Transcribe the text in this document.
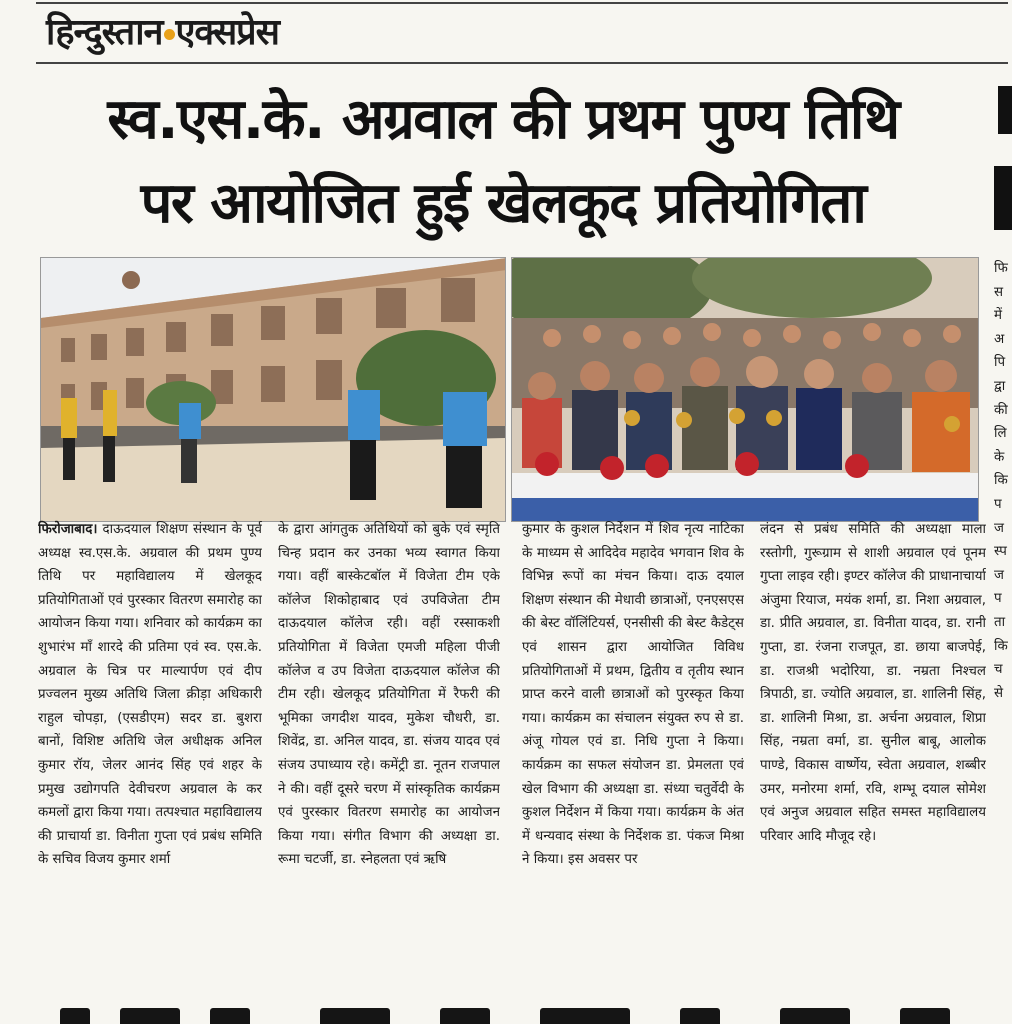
हिन्दुस्तान एक्सप्रेस
स्व.एस.के. अग्रवाल की प्रथम पुण्य तिथि
पर आयोजित हुई खेलकूद प्रतियोगिता

फिरोजाबाद। दाऊदयाल शिक्षण संस्थान के पूर्व अध्यक्ष स्व.एस.के. अग्रवाल की प्रथम पुण्य तिथि पर महाविद्यालय में खेलकूद प्रतियोगिताओं एवं पुरस्कार वितरण समारोह का आयोजन किया गया। शनिवार को कार्यक्रम का शुभारंभ माँ शारदे की प्रतिमा एवं स्व. एस.के. अग्रवाल के चित्र पर माल्यार्पण एवं दीप प्रज्वलन मुख्य अतिथि जिला क्रीड़ा अधिकारी राहुल चोपड़ा, (एसडीएम) सदर डा. बुशरा बानों, विशिष्ट अतिथि जेल अधीक्षक अनिल कुमार रॉय, जेलर आनंद सिंह एवं शहर के प्रमुख उद्योगपति देवीचरण अग्रवाल के कर कमलों द्वारा किया गया। तत्पश्चात महाविद्यालय की प्राचार्या डा. विनीता गुप्ता एवं प्रबंध समिति के सचिव विजय कुमार शर्मा

के द्वारा आंगतुक अतिथियों को बुके एवं स्मृति चिन्ह प्रदान कर उनका भव्य स्वागत किया गया। वहीं बास्केटबॉल में विजेता टीम एके कॉलेज शिकोहाबाद एवं उपविजेता टीम दाऊदयाल कॉलेज रही। वहीं रस्साकशी प्रतियोगिता में विजेता एमजी महिला पीजी कॉलेज व उप विजेता दाऊदयाल कॉलेज की टीम रही। खेलकूद प्रतियोगिता में रैफरी की भूमिका जगदीश यादव, मुकेश चौधरी, डा. शिवेंद्र, डा. अनिल यादव, डा. संजय यादव एवं संजय उपाध्याय रहे। कमेंट्री डा. नूतन राजपाल ने की। वहीं दूसरे चरण में सांस्कृतिक कार्यक्रम एवं पुरस्कार वितरण समारोह का आयोजन किया गया। संगीत विभाग की अध्यक्षा डा. रूमा चटर्जी, डा. स्नेहलता एवं ऋषि

कुमार के कुशल निर्देशन में शिव नृत्य नाटिका के माध्यम से आदिदेव महादेव भगवान शिव के विभिन्न रूपों का मंचन किया। दाऊ दयाल शिक्षण संस्थान की मेधावी छात्राओं, एनएसएस की बेस्ट वॉलिंटियर्स, एनसीसी की बेस्ट कैडेट्स एवं शासन द्वारा आयोजित विविध प्रतियोगिताओं में प्रथम, द्वितीय व तृतीय स्थान प्राप्त करने वाली छात्राओं को पुरस्कृत किया गया। कार्यक्रम का संचालन संयुक्त रुप से डा. अंजू गोयल एवं डा. निधि गुप्ता ने किया। कार्यक्रम का सफल संयोजन डा. प्रेमलता एवं खेल विभाग की अध्यक्षा डा. संध्या चतुर्वेदी के कुशल निर्देशन में किया गया। कार्यक्रम के अंत में धन्यवाद संस्था के निर्देशक डा. पंकज मिश्रा ने किया। इस अवसर पर

लंदन से प्रबंध समिति की अध्यक्षा माला रस्तोगी, गुरूग्राम से शाशी अग्रवाल एवं पूनम गुप्ता लाइव रही। इण्टर कॉलेज की प्राधानाचार्या अंजुमा रियाज, मयंक शर्मा, डा. निशा अग्रवाल, डा. प्रीति अग्रवाल, डा. विनीता यादव, डा. रानी गुप्ता, डा. रंजना राजपूत, डा. छाया बाजपेई, डा. राजश्री भदोरिया, डा. नम्रता निश्चल त्रिपाठी, डा. ज्योति अग्रवाल, डा. शालिनी सिंह, डा. शालिनी मिश्रा, डा. अर्चना अग्रवाल, शिप्रा सिंह, नम्रता वर्मा, डा. सुनील बाबू, आलोक पाण्डे, विकास वार्ष्णेय, स्वेता अग्रवाल, शब्बीर उमर, मनोरमा शर्मा, रवि, शम्भू दयाल सोमेश एवं अनुज अग्रवाल सहित समस्त महाविद्यालय परिवार आदि मौजूद रहे।

फि स में अ पि द्वा की लि के कि प ज स्प ज प ता कि च से
